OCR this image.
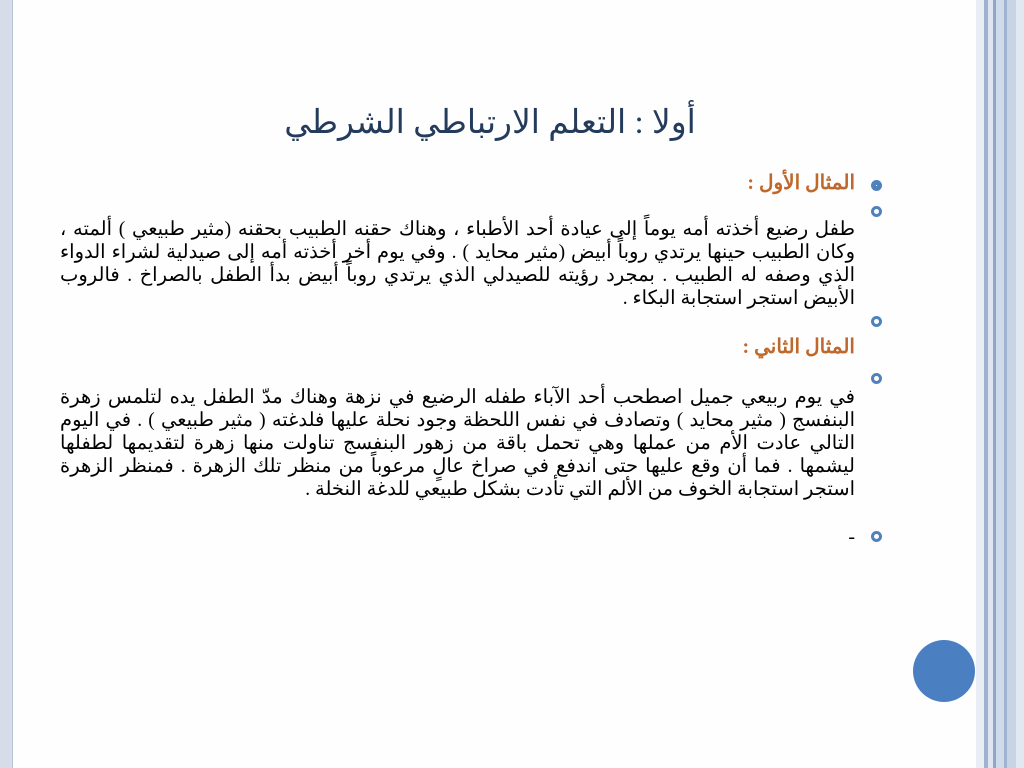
أولا : التعلم الارتباطي الشرطي
المثال الأول :
طفل رضيع أخذته أمه يوماً إلى عيادة أحد الأطباء ، وهناك حقنه الطبيب بحقنه (مثير طبيعي ) ألمته ، وكان الطبيب حينها يرتدي روباً أبيض (مثير محايد ) . وفي يوم أخر أخذته أمه إلى صيدلية لشراء الدواء الذي وصفه له الطبيب . بمجرد رؤيته للصيدلي الذي يرتدي روباً أبيض بدأ الطفل بالصراخ . فالروب الأبيض استجر استجابة البكاء .
المثال الثاني :
في يوم ربيعي جميل اصطحب أحد الآباء طفله الرضيع في نزهة وهناك مدّ الطفل يده لتلمس زهرة البنفسج ( مثير محايد ) وتصادف في نفس اللحظة وجود نحلة عليها فلدغته ( مثير طبيعي ) . في اليوم التالي عادت الأم من عملها وهي تحمل باقة من زهور البنفسج تناولت منها زهرة لتقديمها لطفلها ليشمها . فما أن وقع عليها حتى اندفع في صراخ عالٍ مرعوباً من منظر تلك الزهرة . فمنظر الزهرة استجر استجابة الخوف من الألم التي تأدت بشكل طبيعي للدغة النخلة .
-
